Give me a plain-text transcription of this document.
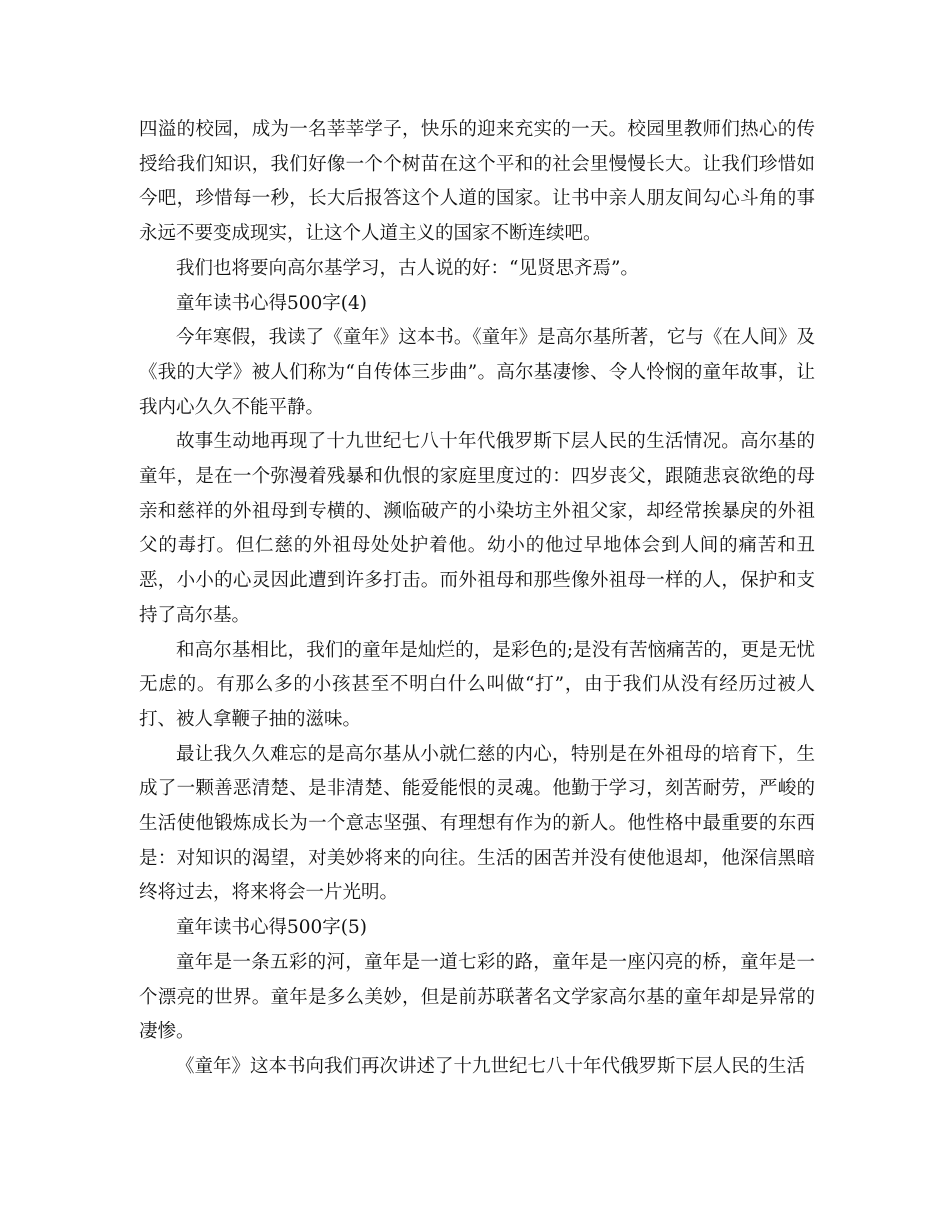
四溢的校园，成为一名莘莘学子，快乐的迎来充实的一天。校园里教师们热心的传授给我们知识，我们好像一个个树苗在这个平和的社会里慢慢长大。让我们珍惜如今吧，珍惜每一秒，长大后报答这个人道的国家。让书中亲人朋友间勾心斗角的事永远不要变成现实，让这个人道主义的国家不断连续吧。

我们也将要向高尔基学习，古人说的好：“见贤思齐焉”。

童年读书心得500字(4)

今年寒假，我读了《童年》这本书。《童年》是高尔基所著，它与《在人间》及《我的大学》被人们称为“自传体三步曲”。高尔基凄惨、令人怜悯的童年故事，让我内心久久不能平静。

故事生动地再现了十九世纪七八十年代俄罗斯下层人民的生活情况。高尔基的童年，是在一个弥漫着残暴和仇恨的家庭里度过的：四岁丧父，跟随悲哀欲绝的母亲和慈祥的外祖母到专横的、濒临破产的小染坊主外祖父家，却经常挨暴戾的外祖父的毒打。但仁慈的外祖母处处护着他。幼小的他过早地体会到人间的痛苦和丑恶，小小的心灵因此遭到许多打击。而外祖母和那些像外祖母一样的人，保护和支持了高尔基。

和高尔基相比，我们的童年是灿烂的，是彩色的;是没有苦恼痛苦的，更是无忧无虑的。有那么多的小孩甚至不明白什么叫做“打”，由于我们从没有经历过被人打、被人拿鞭子抽的滋味。

最让我久久难忘的是高尔基从小就仁慈的内心，特别是在外祖母的培育下，生成了一颗善恶清楚、是非清楚、能爱能恨的灵魂。他勤于学习，刻苦耐劳，严峻的生活使他锻炼成长为一个意志坚强、有理想有作为的新人。他性格中最重要的东西是：对知识的渴望，对美妙将来的向往。生活的困苦并没有使他退却，他深信黑暗终将过去，将来将会一片光明。

童年读书心得500字(5)

童年是一条五彩的河，童年是一道七彩的路，童年是一座闪亮的桥，童年是一个漂亮的世界。童年是多么美妙，但是前苏联著名文学家高尔基的童年却是异常的凄惨。

《童年》这本书向我们再次讲述了十九世纪七八十年代俄罗斯下层人民的生活
